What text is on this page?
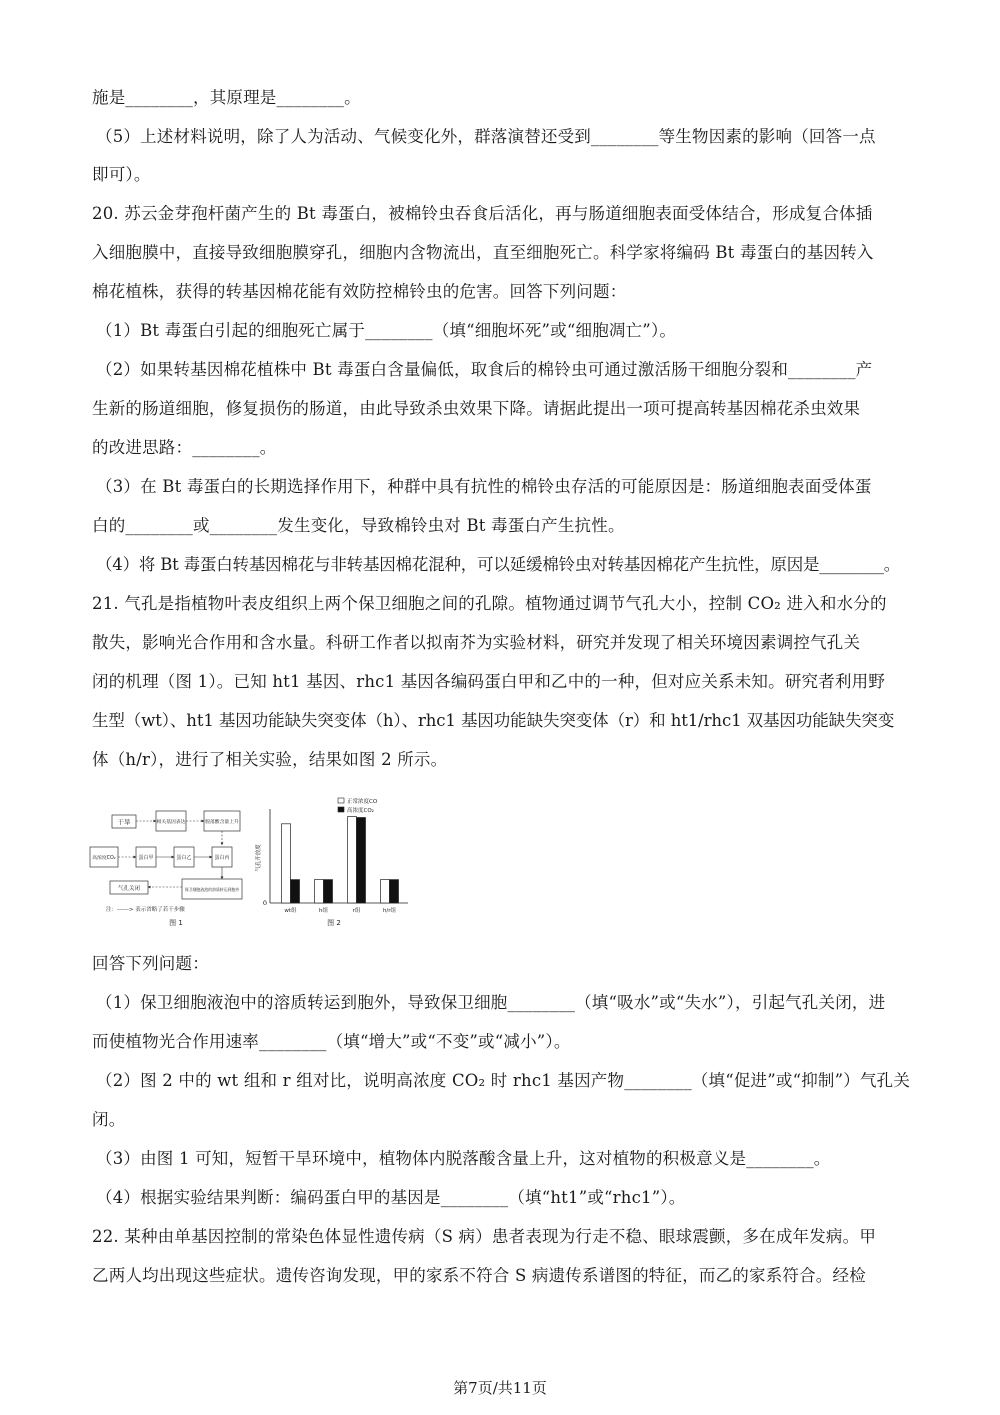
施是________，其原理是________。
（5）上述材料说明，除了人为活动、气候变化外，群落演替还受到________等生物因素的影响（回答一点
即可）。
20. 苏云金芽孢杆菌产生的 Bt 毒蛋白，被棉铃虫吞食后活化，再与肠道细胞表面受体结合，形成复合体插
入细胞膜中，直接导致细胞膜穿孔，细胞内含物流出，直至细胞死亡。科学家将编码 Bt 毒蛋白的基因转入
棉花植株，获得的转基因棉花能有效防控棉铃虫的危害。回答下列问题：
（1）Bt 毒蛋白引起的细胞死亡属于________（填“细胞坏死”或“细胞凋亡”）。
（2）如果转基因棉花植株中 Bt 毒蛋白含量偏低，取食后的棉铃虫可通过激活肠干细胞分裂和________产
生新的肠道细胞，修复损伤的肠道，由此导致杀虫效果下降。请据此提出一项可提高转基因棉花杀虫效果
的改进思路：________。
（3）在 Bt 毒蛋白的长期选择作用下，种群中具有抗性的棉铃虫存活的可能原因是：肠道细胞表面受体蛋
白的________或________发生变化，导致棉铃虫对 Bt 毒蛋白产生抗性。
（4）将 Bt 毒蛋白转基因棉花与非转基因棉花混种，可以延缓棉铃虫对转基因棉花产生抗性，原因是________。
21. 气孔是指植物叶表皮组织上两个保卫细胞之间的孔隙。植物通过调节气孔大小，控制 CO₂ 进入和水分的
散失，影响光合作用和含水量。科研工作者以拟南芥为实验材料，研究并发现了相关环境因素调控气孔关
闭的机理（图 1）。已知 ht1 基因、rhc1 基因各编码蛋白甲和乙中的一种，但对应关系未知。研究者利用野
生型（wt）、ht1 基因功能缺失突变体（h）、rhc1 基因功能缺失突变体（r）和 ht1/rhc1 双基因功能缺失突变
体（h/r），进行了相关实验，结果如图 2 所示。
干旱	相关基因表达	脱落酸含量上升
高浓度CO₂	蛋白甲	蛋白乙	蛋白丙
气孔关闭	保卫细胞液泡的溶质转运到胞外
注：------> 表示省略了若干步骤
图 1
0
气孔开放度
wt组	h组	r组	h/r组
正常浓度CO
高浓度CO₂
图 2
回答下列问题：
（1）保卫细胞液泡中的溶质转运到胞外，导致保卫细胞________（填“吸水”或“失水”），引起气孔关闭，进
而使植物光合作用速率________（填“增大”或“不变”或“减小”）。
（2）图 2 中的 wt 组和 r 组对比，说明高浓度 CO₂ 时 rhc1 基因产物________（填“促进”或“抑制”）气孔关
闭。
（3）由图 1 可知，短暂干旱环境中，植物体内脱落酸含量上升，这对植物的积极意义是________。
（4）根据实验结果判断：编码蛋白甲的基因是________（填“ht1”或“rhc1”）。
22. 某种由单基因控制的常染色体显性遗传病（S 病）患者表现为行走不稳、眼球震颤，多在成年发病。甲
乙两人均出现这些症状。遗传咨询发现，甲的家系不符合 S 病遗传系谱图的特征，而乙的家系符合。经检
第7页/共11页
